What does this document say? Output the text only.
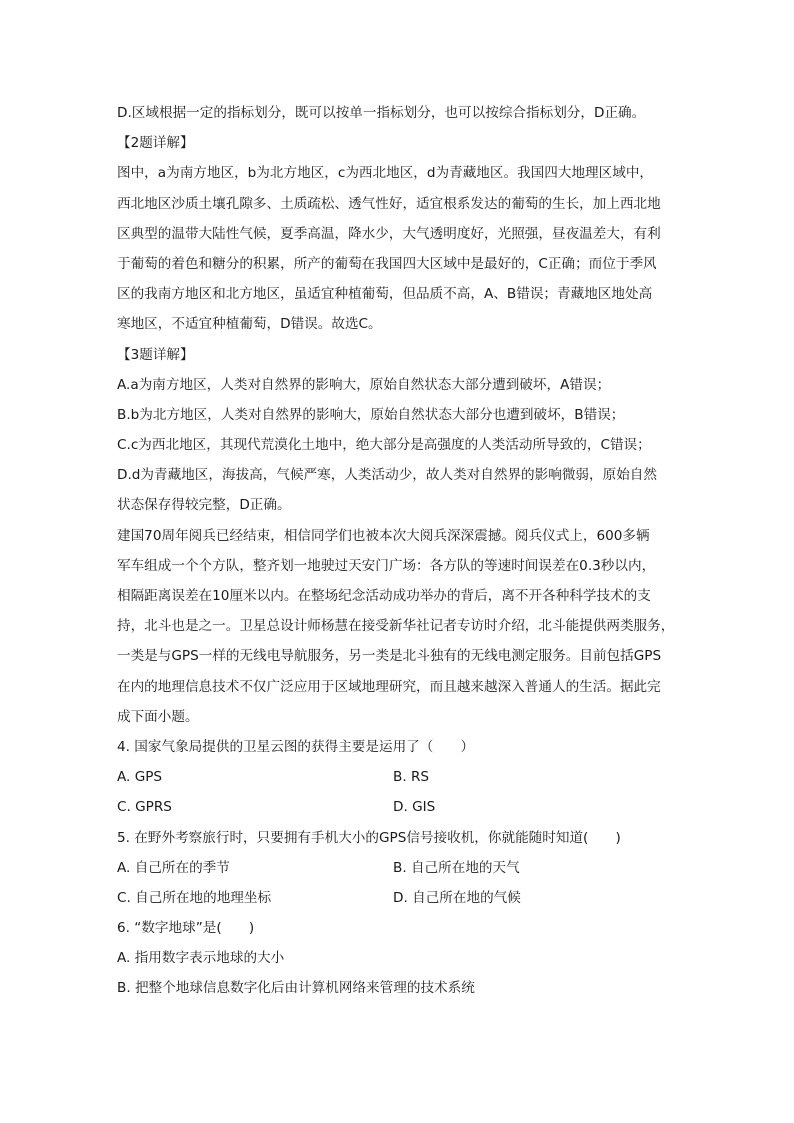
D.区域根据一定的指标划分，既可以按单一指标划分，也可以按综合指标划分，D正确。
【2题详解】
图中，a为南方地区，b为北方地区，c为西北地区，d为青藏地区。我国四大地理区域中，
西北地区沙质土壤孔隙多、土质疏松、透气性好，适宜根系发达的葡萄的生长，加上西北地
区典型的温带大陆性气候，夏季高温，降水少，大气透明度好，光照强，昼夜温差大，有利
于葡萄的着色和糖分的积累，所产的葡萄在我国四大区域中是最好的，C正确；而位于季风
区的我南方地区和北方地区，虽适宜种植葡萄，但品质不高，A、B错误；青藏地区地处高
寒地区，不适宜种植葡萄，D错误。故选C。
【3题详解】
A.a为南方地区，人类对自然界的影响大，原始自然状态大部分遭到破坏，A错误；
B.b为北方地区，人类对自然界的影响大，原始自然状态大部分也遭到破坏，B错误；
C.c为西北地区，其现代荒漠化土地中，绝大部分是高强度的人类活动所导致的，C错误；
D.d为青藏地区，海拔高，气候严寒，人类活动少，故人类对自然界的影响微弱，原始自然
状态保存得较完整，D正确。
建国70周年阅兵已经结束，相信同学们也被本次大阅兵深深震撼。阅兵仪式上，600多辆
军车组成一个个方队，整齐划一地驶过天安门广场：各方队的等速时间误差在0.3秒以内，
相隔距离误差在10厘米以内。在整场纪念活动成功举办的背后，离不开各种科学技术的支
持，北斗也是之一。卫星总设计师杨慧在接受新华社记者专访时介绍，北斗能提供两类服务，
一类是与GPS一样的无线电导航服务，另一类是北斗独有的无线电测定服务。目前包括GPS
在内的地理信息技术不仅广泛应用于区域地理研究，而且越来越深入普通人的生活。据此完
成下面小题。
4. 国家气象局提供的卫星云图的获得主要是运用了（　　）
A. GPS	B. RS
C. GPRS	D. GIS
5. 在野外考察旅行时，只要拥有手机大小的GPS信号接收机，你就能随时知道(　　)
A. 自己所在的季节	B. 自己所在地的天气
C. 自己所在地的地理坐标	D. 自己所在地的气候
6. “数字地球”是(　　)
A. 指用数字表示地球的大小
B. 把整个地球信息数字化后由计算机网络来管理的技术系统
